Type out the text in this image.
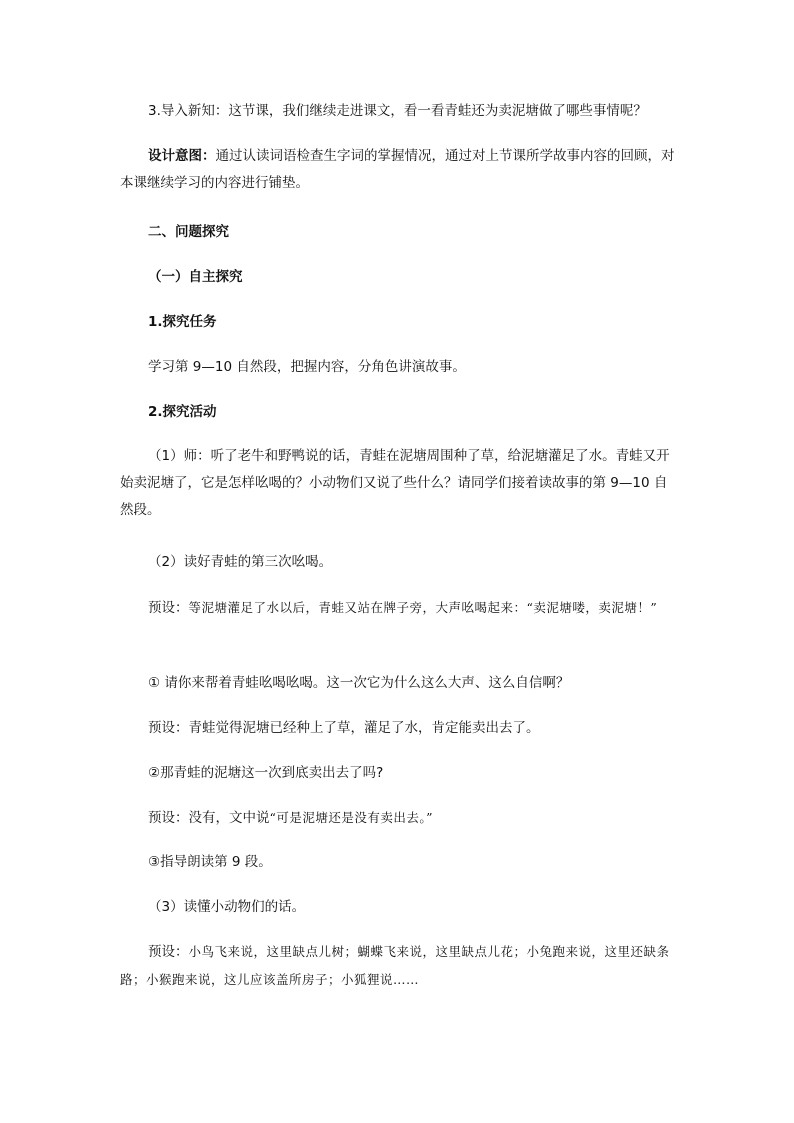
3.导入新知：这节课，我们继续走进课文，看一看青蛙还为卖泥塘做了哪些事情呢？

设计意图：通过认读词语检查生字词的掌握情况，通过对上节课所学故事内容的回顾，对本课继续学习的内容进行铺垫。

二、问题探究

（一）自主探究

1.探究任务

学习第 9—10 自然段，把握内容，分角色讲演故事。

2.探究活动

（1）师：听了老牛和野鸭说的话，青蛙在泥塘周围种了草，给泥塘灌足了水。青蛙又开始卖泥塘了，它是怎样吆喝的？小动物们又说了些什么？请同学们接着读故事的第 9—10 自然段。

（2）读好青蛙的第三次吆喝。

预设：等泥塘灌足了水以后，青蛙又站在牌子旁，大声吆喝起来：“卖泥塘喽，卖泥塘！”

① 请你来帮着青蛙吆喝吆喝。这一次它为什么这么大声、这么自信啊？

预设：青蛙觉得泥塘已经种上了草，灌足了水，肯定能卖出去了。

②那青蛙的泥塘这一次到底卖出去了吗?

预设：没有，文中说“可是泥塘还是没有卖出去。”

③指导朗读第 9 段。

（3）读懂小动物们的话。

预设：小鸟飞来说，这里缺点儿树；蝴蝶飞来说，这里缺点儿花；小兔跑来说，这里还缺条路；小猴跑来说，这儿应该盖所房子；小狐狸说……
